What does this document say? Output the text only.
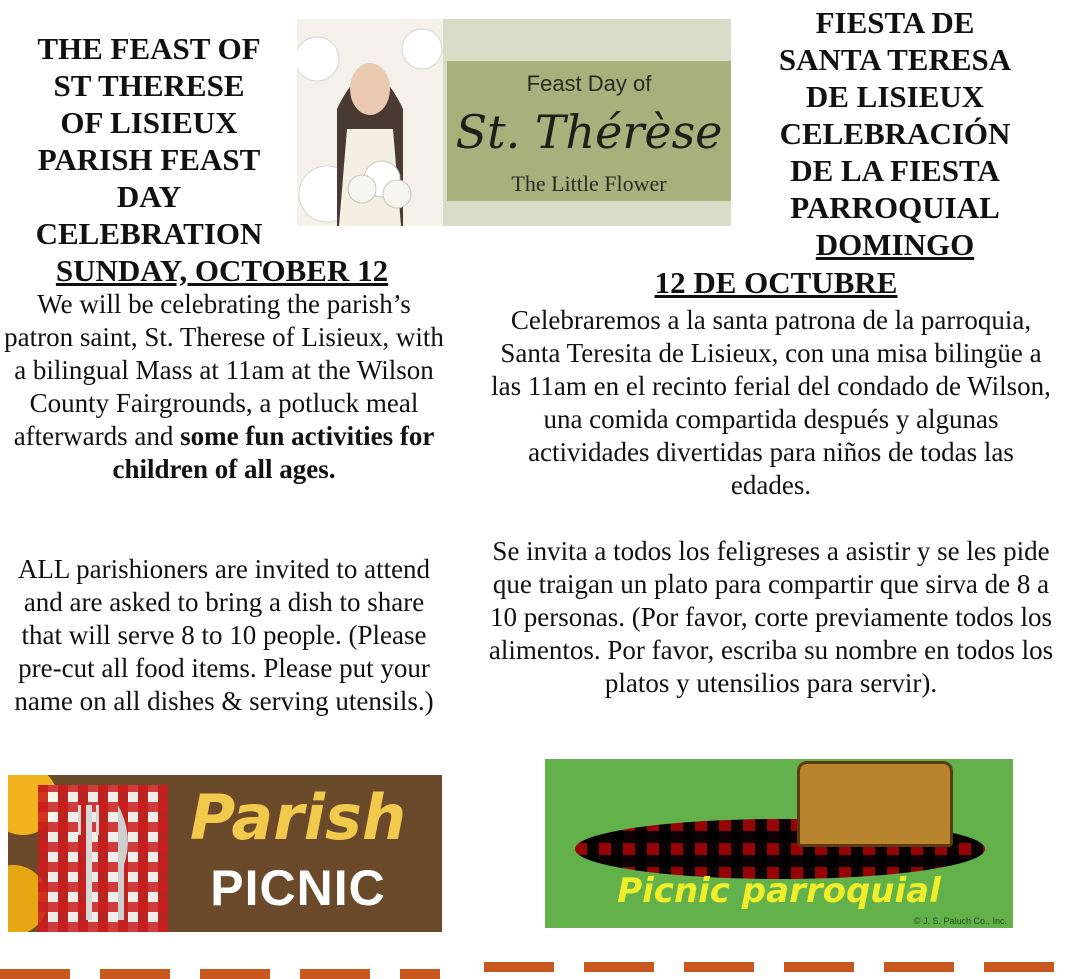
THE FEAST OF
ST THERESE
OF LISIEUX
PARISH FEAST
DAY
CELEBRATION
SUNDAY, OCTOBER 12
We will be celebrating the parish’s patron saint, St. Therese of Lisieux, with a bilingual Mass at 11am at the Wilson County Fairgrounds, a potluck meal afterwards and some fun activities for children of all ages.
ALL parishioners are invited to attend and are asked to bring a dish to share that will serve 8 to 10 people. (Please pre-cut all food items. Please put your name on all dishes & serving utensils.)
Feast Day of
St. Thérèse
The Little Flower
FIESTA DE
SANTA TERESA
DE LISIEUX
CELEBRACIÓN
DE LA FIESTA
PARROQUIAL
DOMINGO
12 DE OCTUBRE
Celebraremos a la santa patrona de la parroquia, Santa Teresita de Lisieux, con una misa bilingüe a las 11am en el recinto ferial del condado de Wilson, una comida compartida después y algunas actividades divertidas para niños de todas las edades.
Se invita a todos los feligreses a asistir y se les pide que traigan un plato para compartir que sirva de 8 a 10 personas. (Por favor, corte previamente todos los alimentos. Por favor, escriba su nombre en todos los platos y utensilios para servir).
Parish
PICNIC	Picnic parroquial
© J. S. Paluch Co., Inc.
